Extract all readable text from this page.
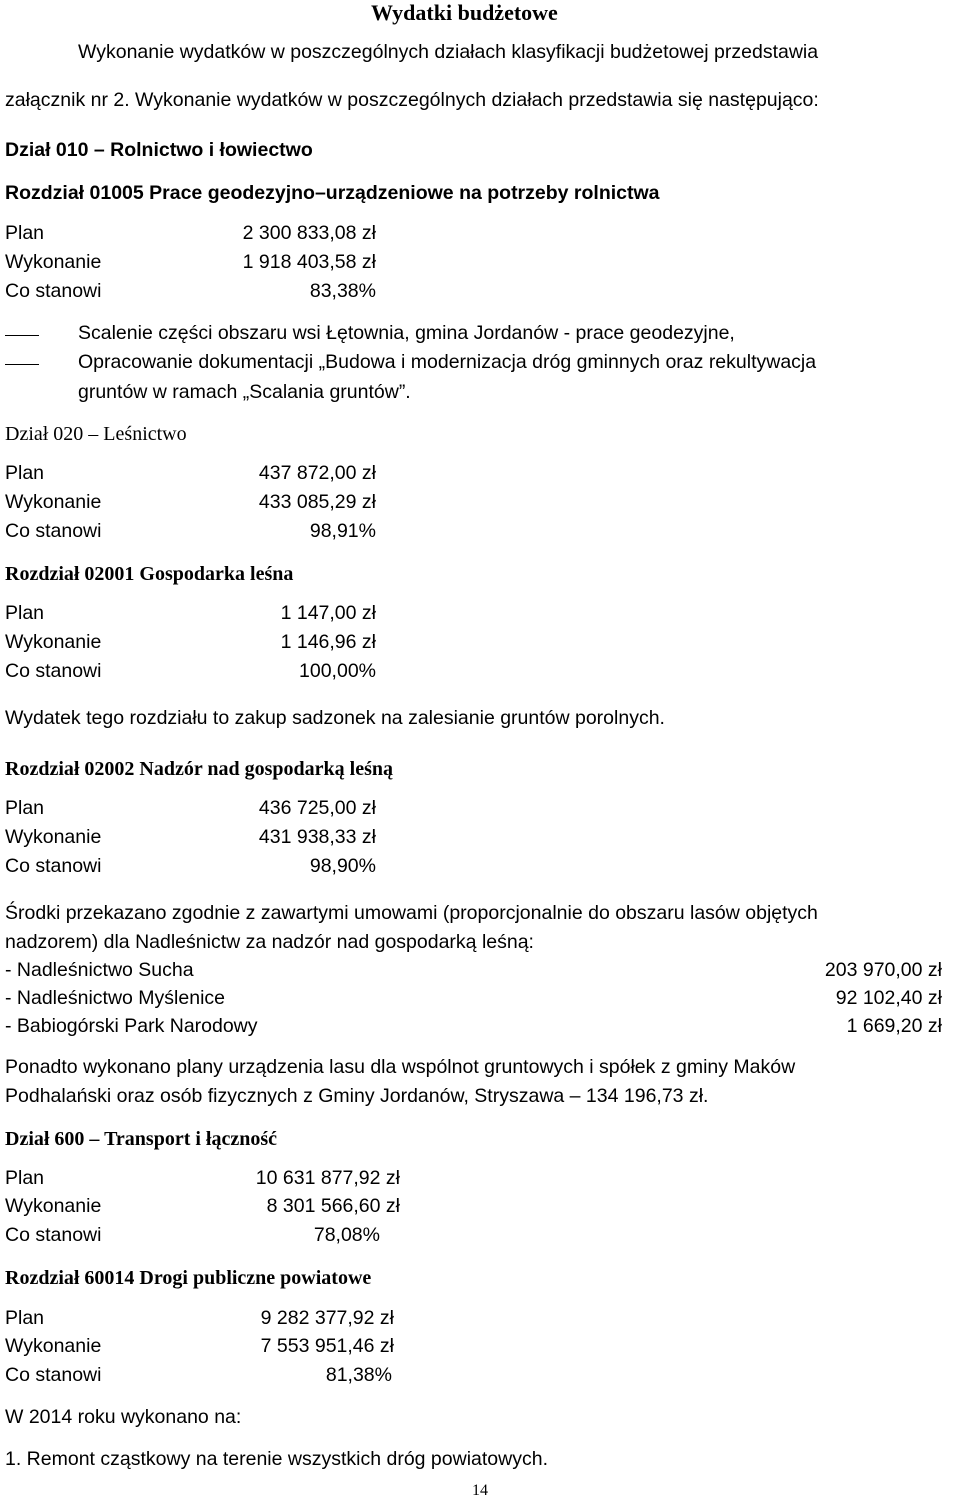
Wydatki budżetowe
Wykonanie wydatków w poszczególnych działach klasyfikacji budżetowej przedstawia
załącznik nr 2. Wykonanie wydatków w poszczególnych działach przedstawia się następująco:
Dział 010 – Rolnictwo i łowiectwo
Rozdział 01005 Prace geodezyjno–urządzeniowe na potrzeby rolnictwa
Plan	2 300 833,08 zł
Wykonanie	1 918 403,58 zł
Co stanowi	83,38%
Scalenie części obszaru wsi Łętownia, gmina Jordanów - prace geodezyjne,
Opracowanie dokumentacji „Budowa i modernizacja dróg gminnych oraz rekultywacja
gruntów w ramach „Scalania gruntów”.
Dział 020 – Leśnictwo
Plan	437 872,00 zł
Wykonanie	433 085,29 zł
Co stanowi	98,91%
Rozdział 02001 Gospodarka leśna
Plan	1 147,00 zł
Wykonanie	1 146,96 zł
Co stanowi	100,00%
Wydatek tego rozdziału to zakup sadzonek na zalesianie gruntów porolnych.
Rozdział 02002 Nadzór nad gospodarką leśną
Plan	436 725,00 zł
Wykonanie	431 938,33 zł
Co stanowi	98,90%
Środki przekazano zgodnie z zawartymi umowami (proporcjonalnie do obszaru lasów objętych
nadzorem) dla Nadleśnictw za nadzór nad gospodarką leśną:
- Nadleśnictwo Sucha	203 970,00 zł
- Nadleśnictwo Myślenice	92 102,40 zł
- Babiogórski Park Narodowy	1 669,20 zł
Ponadto wykonano plany urządzenia lasu dla wspólnot gruntowych i spółek z gminy Maków
Podhalański oraz osób fizycznych z Gminy Jordanów, Stryszawa – 134 196,73 zł.
Dział 600 – Transport i łączność
Plan	10 631 877,92 zł
Wykonanie	8 301 566,60 zł
Co stanowi	78,08%
Rozdział 60014 Drogi publiczne powiatowe
Plan	9 282 377,92 zł
Wykonanie	7 553 951,46 zł
Co stanowi	81,38%
W 2014 roku wykonano na:
1. Remont cząstkowy na terenie wszystkich dróg powiatowych.
14
